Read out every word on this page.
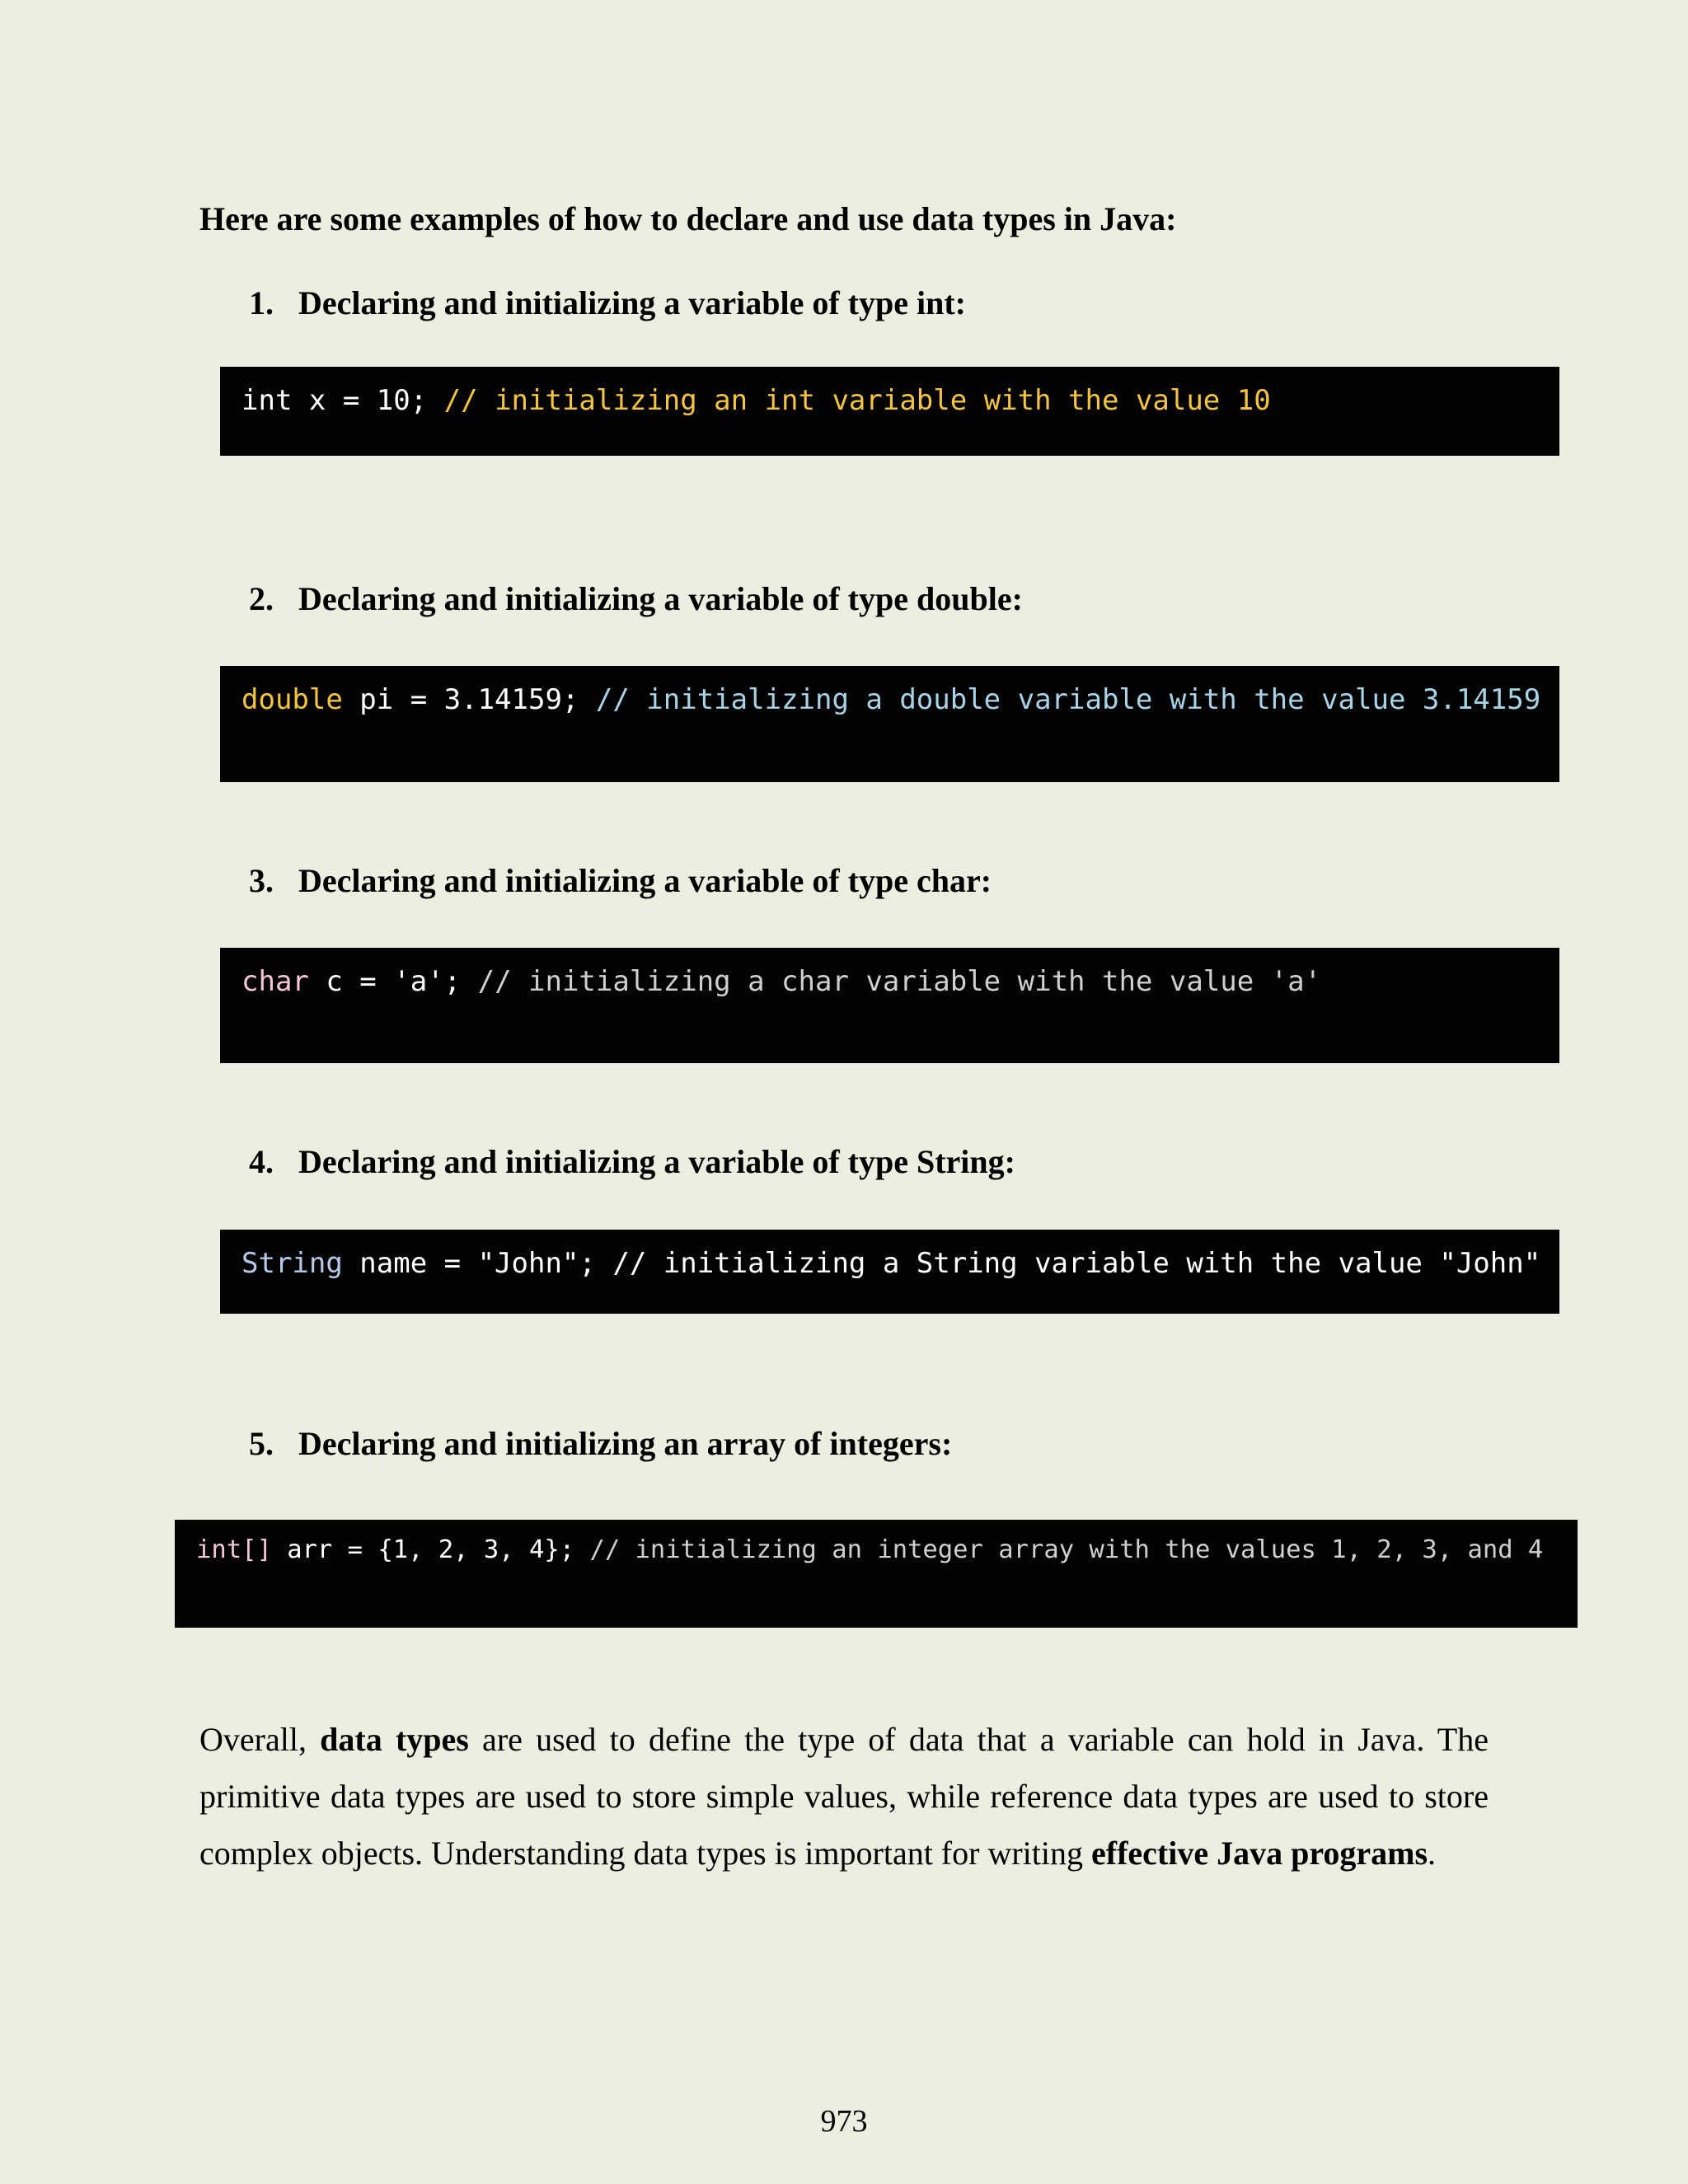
Here are some examples of how to declare and use data types in Java:
1. Declaring and initializing a variable of type int:

int x = 10; // initializing an int variable with the value 10

2. Declaring and initializing a variable of type double:

double pi = 3.14159; // initializing a double variable with the value 3.14159

3. Declaring and initializing a variable of type char:

char c = 'a'; // initializing a char variable with the value 'a'

4. Declaring and initializing a variable of type String:

String name = "John"; // initializing a String variable with the value "John"

5. Declaring and initializing an array of integers:

int[] arr = {1, 2, 3, 4}; // initializing an integer array with the values 1, 2, 3, and 4

Overall, data types are used to define the type of data that a variable can hold in Java. The
primitive data types are used to store simple values, while reference data types are used to store
complex objects. Understanding data types is important for writing effective Java programs.
973
